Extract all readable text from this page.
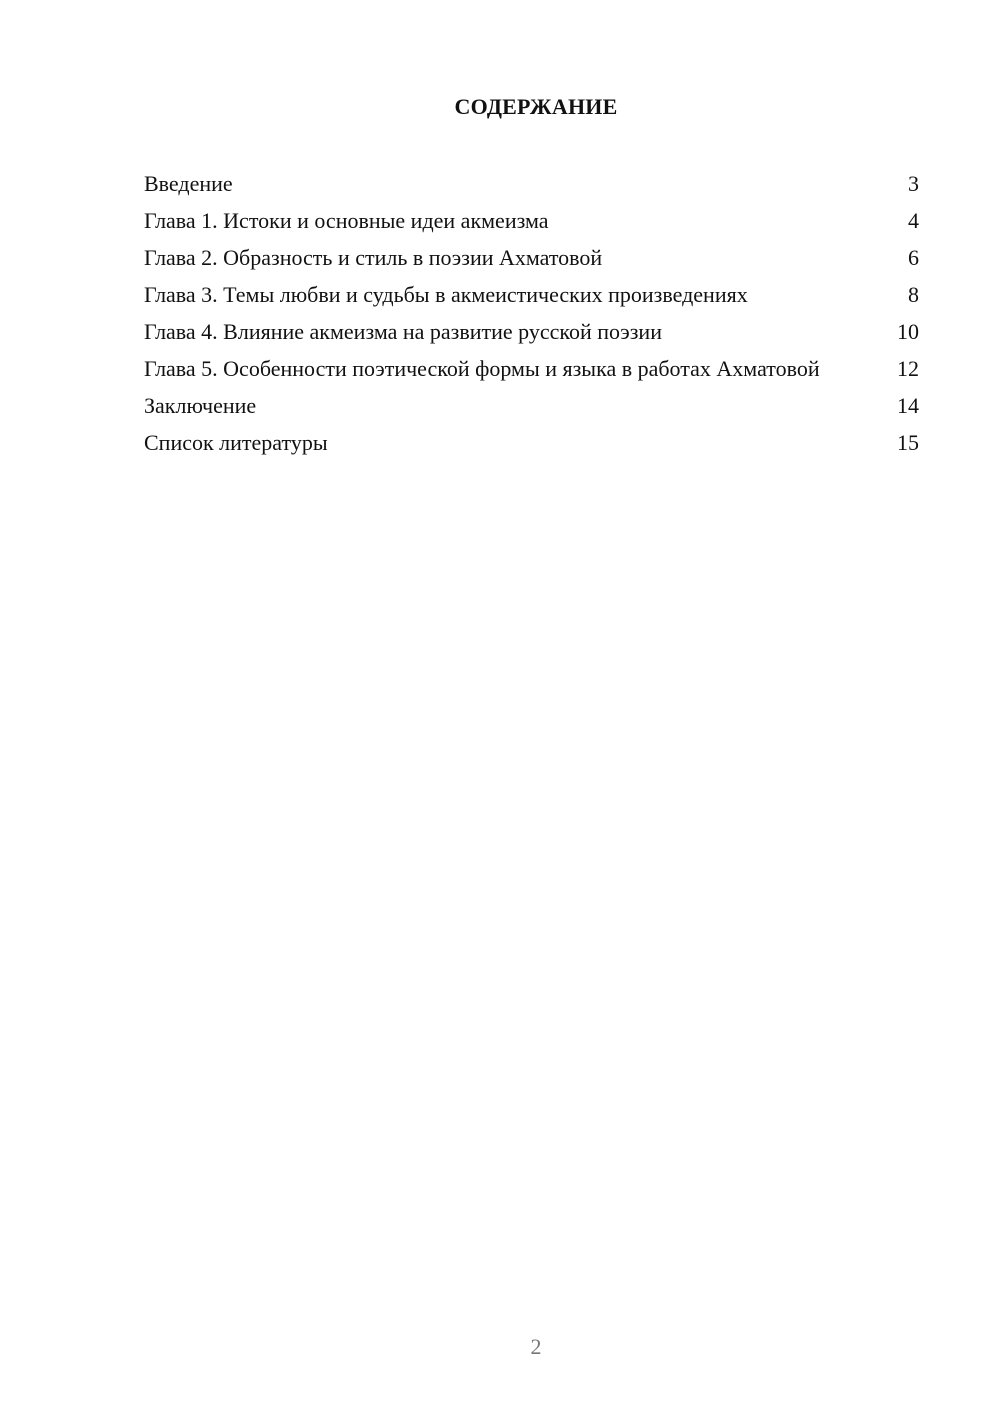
СОДЕРЖАНИЕ
Введение	3
Глава 1. Истоки и основные идеи акмеизма	4
Глава 2. Образность и стиль в поэзии Ахматовой	6
Глава 3. Темы любви и судьбы в акмеистических произведениях	8
Глава 4. Влияние акмеизма на развитие русской поэзии	10
Глава 5. Особенности поэтической формы и языка в работах Ахматовой	12
Заключение	14
Список литературы	15
2
